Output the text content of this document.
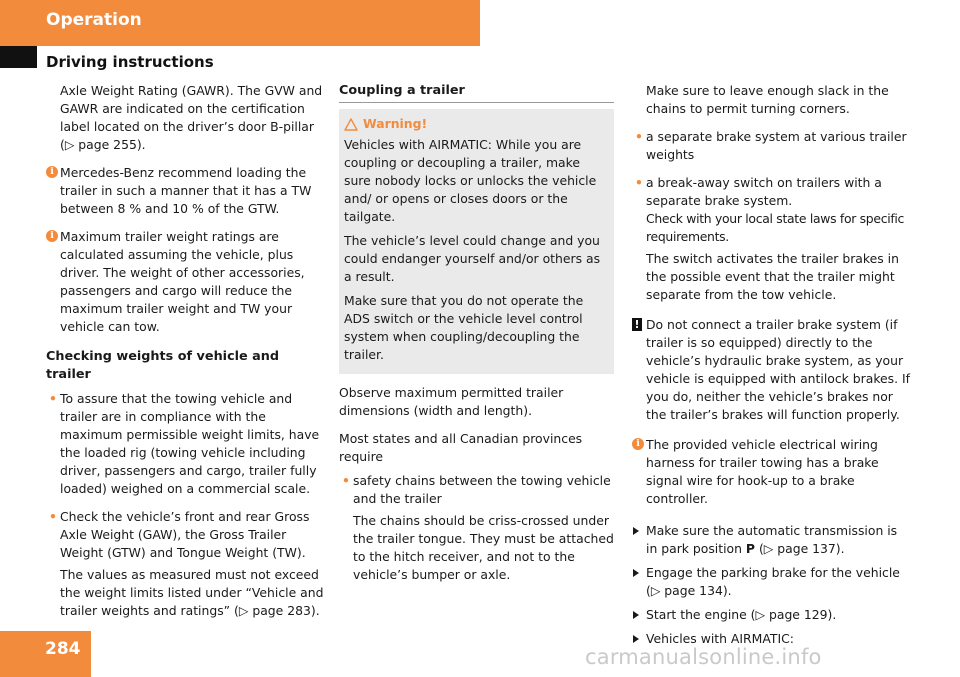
Operation
Driving instructions

Axle Weight Rating (GAWR). The GVW and GAWR are indicated on the certification label located on the driver’s door B-pillar (▷ page 255).

i Mercedes-Benz recommend loading the trailer in such a manner that it has a TW between 8 % and 10 % of the GTW.
i Maximum trailer weight ratings are calculated assuming the vehicle, plus driver. The weight of other accessories, passengers and cargo will reduce the maximum trailer weight and TW your vehicle can tow.
Checking weights of vehicle and trailer
• To assure that the towing vehicle and trailer are in compliance with the maximum permissible weight limits, have the loaded rig (towing vehicle including driver, passengers and cargo, trailer fully loaded) weighed on a commercial scale.
• Check the vehicle’s front and rear Gross Axle Weight (GAW), the Gross Trailer Weight (GTW) and Tongue Weight (TW).

The values as measured must not exceed the weight limits listed under “Vehicle and trailer weights and ratings” (▷ page 283).

Coupling a trailer
Warning!

Vehicles with AIRMATIC: While you are coupling or decoupling a trailer, make sure nobody locks or unlocks the vehicle and/ or opens or closes doors or the tailgate.

The vehicle’s level could change and you could endanger yourself and/or others as a result.

Make sure that you do not operate the ADS switch or the vehicle level control system when coupling/decoupling the trailer.

Observe maximum permitted trailer dimensions (width and length).

Most states and all Canadian provinces require

• safety chains between the towing vehicle and the trailer

The chains should be criss-crossed under the trailer tongue. They must be attached to the hitch receiver, and not to the vehicle’s bumper or axle.

Make sure to leave enough slack in the chains to permit turning corners.

• a separate brake system at various trailer weights
• a break-away switch on trailers with a separate brake system.
Check with your local state laws for specific requirements.

The switch activates the trailer brakes in the possible event that the trailer might separate from the tow vehicle.

! Do not connect a trailer brake system (if trailer is so equipped) directly to the vehicle’s hydraulic brake system, as your vehicle is equipped with antilock brakes. If you do, neither the vehicle’s brakes nor the trailer’s brakes will function properly.
i The provided vehicle electrical wiring harness for trailer towing has a brake signal wire for hook-up to a brake controller.
Make sure the automatic transmission is in park position P (▷ page 137).
Engage the parking brake for the vehicle (▷ page 134).
Start the engine (▷ page 129).
Vehicles with AIRMATIC:
284	carmanualsonline.info
